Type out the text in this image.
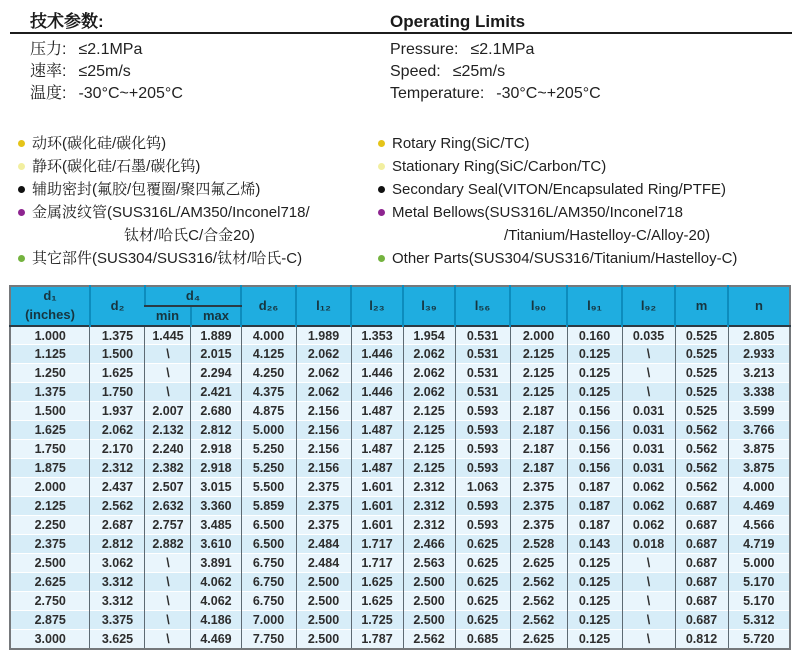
技术参数:	Operating Limits
压力: ≤2.1MPa
速率: ≤25m/s
温度: -30°C~+205°C
Pressure: ≤2.1MPa
Speed: ≤25m/s
Temperature: -30°C~+205°C
动环(碳化硅/碳化钨)
静环(碳化硅/石墨/碳化钨)
辅助密封(氟胶/包覆圈/聚四氟乙烯)
金属波纹管(SUS316L/AM350/Inconel718/
钛材/哈氏C/合金20)
其它部件(SUS304/SUS316/钛材/哈氏-C)
Rotary Ring(SiC/TC)
Stationary Ring(SiC/Carbon/TC)
Secondary Seal(VITON/Encapsulated Ring/PTFE)
Metal Bellows(SUS316L/AM350/Inconel718
/Titanium/Hastelloy-C/Alloy-20)
Other Parts(SUS304/SUS316/Titanium/Hastelloy-C)
d₁
(inches)	d₂	d₄		d₂₆	l₁₂	l₂₃	l₃₉	l₅₆	l₉₀	l₉₁	l₉₂	m	n
		min	max										
1.000	1.375	1.445	1.889	4.000	1.989	1.353	1.954	0.531	2.000	0.160	0.035	0.525	2.805
1.125	1.500	\	2.015	4.125	2.062	1.446	2.062	0.531	2.125	0.125	\	0.525	2.933
1.250	1.625	\	2.294	4.250	2.062	1.446	2.062	0.531	2.125	0.125	\	0.525	3.213
1.375	1.750	\	2.421	4.375	2.062	1.446	2.062	0.531	2.125	0.125	\	0.525	3.338
1.500	1.937	2.007	2.680	4.875	2.156	1.487	2.125	0.593	2.187	0.156	0.031	0.525	3.599
1.625	2.062	2.132	2.812	5.000	2.156	1.487	2.125	0.593	2.187	0.156	0.031	0.562	3.766
1.750	2.170	2.240	2.918	5.250	2.156	1.487	2.125	0.593	2.187	0.156	0.031	0.562	3.875
1.875	2.312	2.382	2.918	5.250	2.156	1.487	2.125	0.593	2.187	0.156	0.031	0.562	3.875
2.000	2.437	2.507	3.015	5.500	2.375	1.601	2.312	1.063	2.375	0.187	0.062	0.562	4.000
2.125	2.562	2.632	3.360	5.859	2.375	1.601	2.312	0.593	2.375	0.187	0.062	0.687	4.469
2.250	2.687	2.757	3.485	6.500	2.375	1.601	2.312	0.593	2.375	0.187	0.062	0.687	4.566
2.375	2.812	2.882	3.610	6.500	2.484	1.717	2.466	0.625	2.528	0.143	0.018	0.687	4.719
2.500	3.062	\	3.891	6.750	2.484	1.717	2.563	0.625	2.625	0.125	\	0.687	5.000
2.625	3.312	\	4.062	6.750	2.500	1.625	2.500	0.625	2.562	0.125	\	0.687	5.170
2.750	3.312	\	4.062	6.750	2.500	1.625	2.500	0.625	2.562	0.125	\	0.687	5.170
2.875	3.375	\	4.186	7.000	2.500	1.725	2.500	0.625	2.562	0.125	\	0.687	5.312
3.000	3.625	\	4.469	7.750	2.500	1.787	2.562	0.685	2.625	0.125	\	0.812	5.720
